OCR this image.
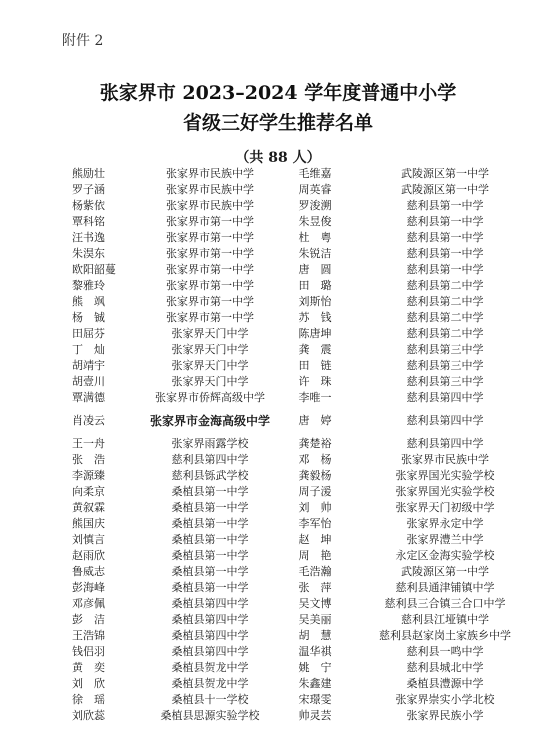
附件 2
张家界市 2023–2024 学年度普通中小学
省级三好学生推荐名单
（共 88 人）
熊励壮	张家界市民族中学	毛维嘉	武陵源区第一中学
罗子涵	张家界市民族中学	周英睿	武陵源区第一中学
杨紫依	张家界市民族中学	罗浚溯	慈利县第一中学
覃科铭	张家界市第一中学	朱昱俊	慈利县第一中学
汪书逸	张家界市第一中学	杜　粤	慈利县第一中学
朱淏东	张家界市第一中学	朱锐洁	慈利县第一中学
欧阳韶蔓	张家界市第一中学	唐　圆	慈利县第一中学
黎雅玲	张家界市第一中学	田　璐	慈利县第二中学
熊　飒	张家界市第一中学	刘斯怡	慈利县第二中学
杨　铖	张家界市第一中学	苏　钱	慈利县第二中学
田屈芬	张家界天门中学	陈唐坤	慈利县第二中学
丁　灿	张家界天门中学	龚　震	慈利县第三中学
胡靖宇	张家界天门中学	田　链	慈利县第三中学
胡壹川	张家界天门中学	许　珠	慈利县第三中学
覃满德	张家界市侨辉高级中学	李唯一	慈利县第四中学
肖凌云	张家界市金海高级中学	唐　婷	慈利县第四中学
王一舟	张家界雨露学校	龚楚裕	慈利县第四中学
张　浩	慈利县第四中学	邓　杨	张家界市民族中学
李源臻	慈利县铄武学校	龚毅杨	张家界国光实验学校
向柔京	桑植县第一中学	周子湲	张家界国光实验学校
黄叙霖	桑植县第一中学	刘　帅	张家界天门初级中学
熊国庆	桑植县第一中学	李军怡	张家界永定中学
刘慎言	桑植县第一中学	赵　坤	张家界澧兰中学
赵雨欣	桑植县第一中学	周　艳	永定区金海实验学校
鲁威志	桑植县第一中学	毛浩瀚	武陵源区第一中学
彭海峰	桑植县第一中学	张　萍	慈利县通津铺镇中学
邓彦佩	桑植县第四中学	吴文博	慈利县三合镇三合口中学
彭　洁	桑植县第四中学	吴美丽	慈利县江垭镇中学
王浩锦	桑植县第四中学	胡　慧	慈利县赵家岗土家族乡中学
钱侣羽	桑植县第四中学	温华祺	慈利县一鸣中学
黄　奕	桑植县贺龙中学	姚　宁	慈利县城北中学
刘　欣	桑植县贺龙中学	朱鑫建	桑植县澧源中学
徐　瑶	桑植县十一学校	宋璟雯	张家界崇实小学北校
刘欣蕊	桑植县思源实验学校	帅灵芸	张家界民族小学
